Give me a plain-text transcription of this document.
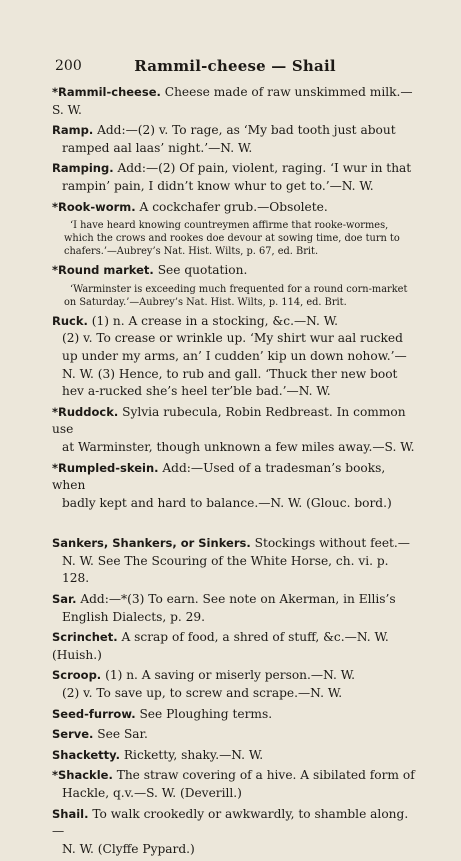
200	Rammil-cheese — Shail
*Rammil-cheese. Cheese made of raw unskimmed milk.—S. W.
Ramp. Add:—(2) v. To rage, as ‘My bad tooth just about
ramped aal laas’ night.’—N. W.
Ramping. Add:—(2) Of pain, violent, raging. ‘I wur in that
rampin’ pain, I didn’t know whur to get to.’—N. W.
*Rook-worm. A cockchafer grub.—Obsolete.
‘I have heard knowing countreymen affirme that rooke-wormes, which the crows and rookes doe devour at sowing time, doe turn to chafers.’—Aubrey’s Nat. Hist. Wilts, p. 67, ed. Brit.
*Round market. See quotation.
‘Warminster is exceeding much frequented for a round corn-market on Saturday.’—Aubrey’s Nat. Hist. Wilts, p. 114, ed. Brit.
Ruck. (1) n. A crease in a stocking, &c.—N. W.
(2) v. To crease or wrinkle up. ‘My shirt wur aal rucked
up under my arms, an’ I cudden’ kip un down nohow.’—
N. W. (3) Hence, to rub and gall. ‘Thuck ther new boot
hev a-rucked she’s heel ter’ble bad.’—N. W.
*Ruddock. Sylvia rubecula, Robin Redbreast. In common use
at Warminster, though unknown a few miles away.—S. W.
*Rumpled-skein. Add:—Used of a tradesman’s books, when
badly kept and hard to balance.—N. W. (Glouc. bord.)
Sankers, Shankers, or Sinkers. Stockings without feet.—
N. W. See The Scouring of the White Horse, ch. vi. p. 128.
Sar. Add:—*(3) To earn. See note on Akerman, in Ellis’s
English Dialects, p. 29.
Scrinchet. A scrap of food, a shred of stuff, &c.—N. W. (Huish.)
Scroop. (1) n. A saving or miserly person.—N. W.
(2) v. To save up, to screw and scrape.—N. W.
Seed-furrow. See Ploughing terms.
Serve. See Sar.
Shacketty. Ricketty, shaky.—N. W.
*Shackle. The straw covering of a hive. A sibilated form of
Hackle, q.v.—S. W. (Deverill.)
Shail. To walk crookedly or awkwardly, to shamble along.—
N. W. (Clyffe Pypard.)
